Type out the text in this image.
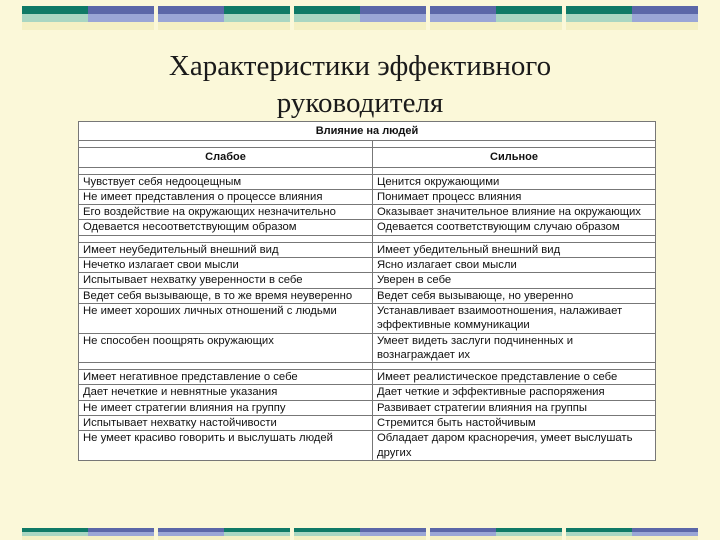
Характеристики эффективного
руководителя
Влияние на людей	

Слабое	Сильное

Чувствует себя недооцещным	Ценится окружающими
Не имеет представления о процессе влияния	Понимает процесс влияния
Его воздействие на окружающих незначительно	Оказывает значительное влияние на окружающих
Одевается несоответствующим образом	Одевается соответствующим случаю образом

Имеет неубедительный внешний вид	Имеет убедительный внешний вид
Нечетко излагает свои мысли	Ясно излагает свои мысли
Испытывает нехватку уверенности в себе	Уверен в себе
Ведет себя вызывающе, в то же время неуверенно	Ведет себя вызывающе, но уверенно
Не имеет хороших личных отношений с людьми	Устанавливает взаимоотношения, налаживает эффективные коммуникации
Не способен поощрять окружающих	Умеет видеть заслуги подчиненных и вознаграждает их

Имеет негативное представление о себе	Имеет реалистическое представление о себе
Дает нечеткие и невнятные указания	Дает четкие и эффективные распоряжения
Не имеет стратегии влияния на группу	Развивает стратегии влияния на группы
Испытывает нехватку настойчивости	Стремится быть настойчивым
Не умеет красиво говорить и выслушать людей	Обладает даром красноречия, умеет выслушать других
